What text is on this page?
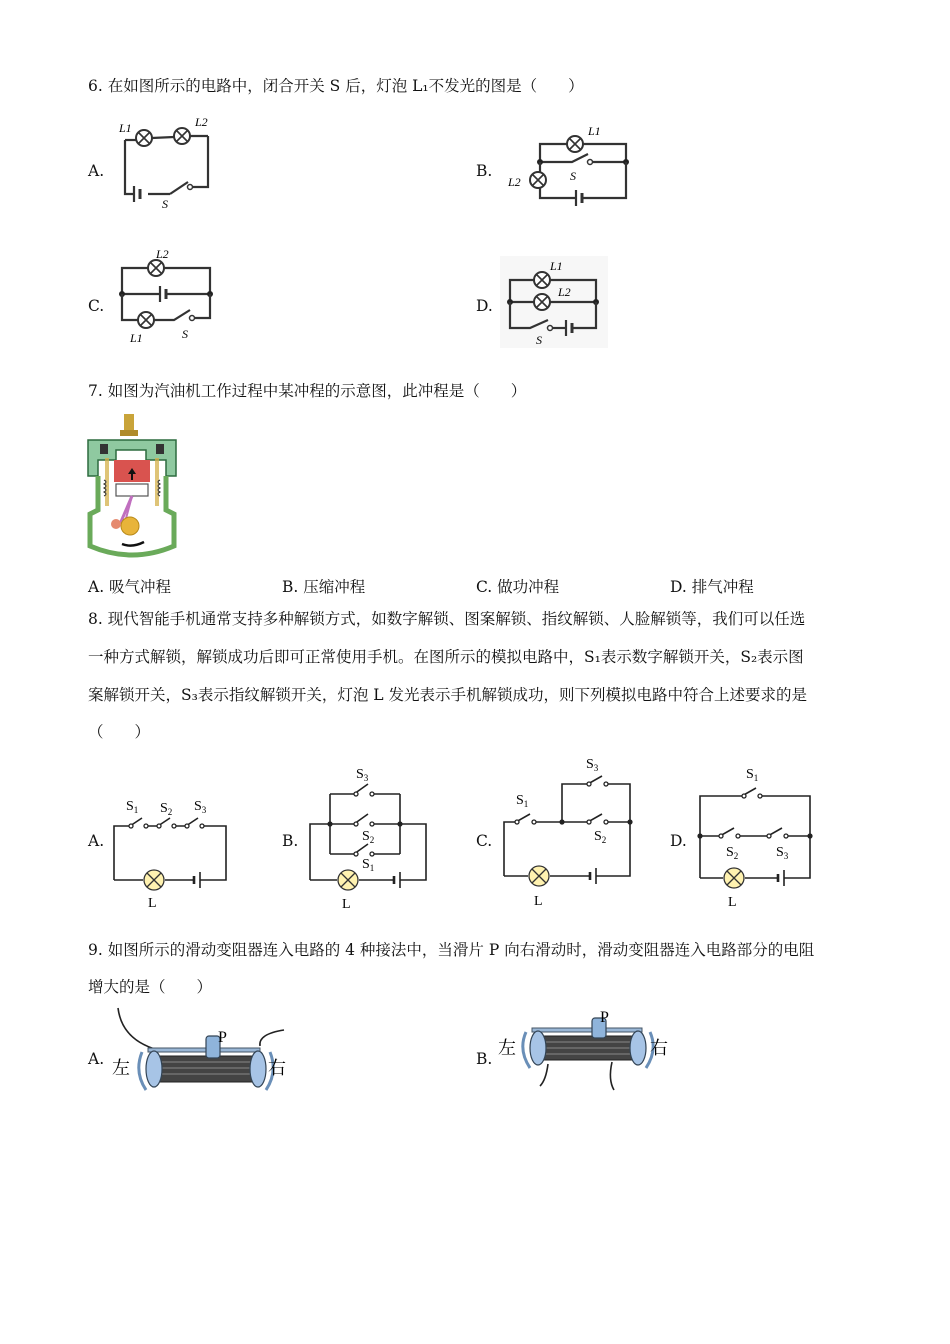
6. 在如图所示的电路中，闭合开关 S 后，灯泡 L₁不发光的图是（　　）
A.
L1	L2
S
B.
L1
L2	S
C.
L2
L1	S
D.
L1
L2
S
7. 如图为汽油机工作过程中某冲程的示意图，此冲程是（　　）
A. 吸气冲程	B. 压缩冲程	C. 做功冲程	D. 排气冲程
8. 现代智能手机通常支持多种解锁方式，如数字解锁、图案解锁、指纹解锁、人脸解锁等，我们可以任选
一种方式解锁，解锁成功后即可正常使用手机。在图所示的模拟电路中，S₁表示数字解锁开关，S₂表示图
案解锁开关，S₃表示指纹解锁开关，灯泡 L 发光表示手机解锁成功，则下列模拟电路中符合上述要求的是
（　　）
A.
$S_1$ $S_2$ $S_3$
L
B.
$S_3$
$S_2$
$S_1$
L
C.
$S_3$
$S_1$
$S_2$
L
D.
$S_1$
$S_2$	$S_3$
L
9. 如图所示的滑动变阻器连入电路的 4 种接法中，当滑片 P 向右滑动时，滑动变阻器连入电路部分的电阻
增大的是（　　）
A.
P
左	右	B.
P
左	右
